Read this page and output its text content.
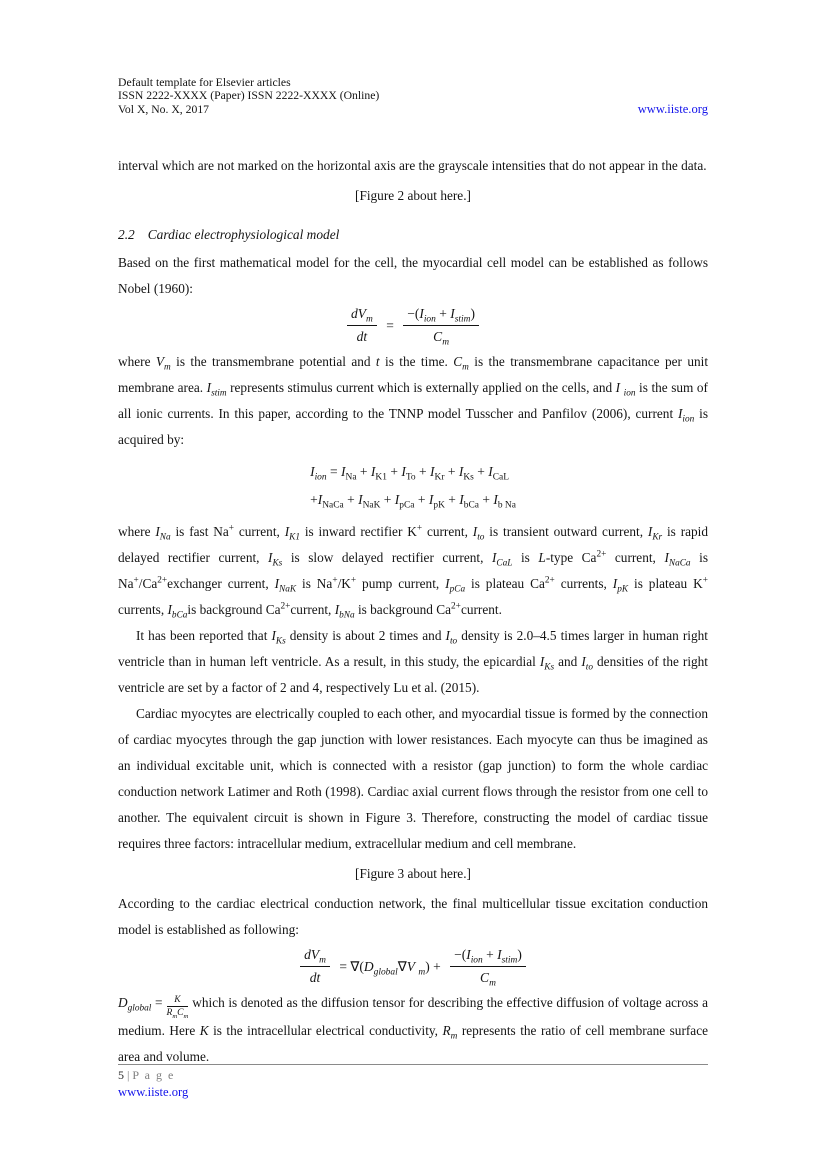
Default template for Elsevier articles
ISSN 2222-XXXX (Paper) ISSN 2222-XXXX (Online)
Vol X, No. X, 2017	www.iiste.org

interval which are not marked on the horizontal axis are the grayscale intensities that do not appear in the data.

[Figure 2 about here.]

2.2 Cardiac electrophysiological model

Based on the first mathematical model for the cell, the myocardial cell model can be established as follows Nobel (1960):

$\frac{dV_m}{dt} = \frac{-(I_{ion} + I_{stim})}{C_m}$

where $V_m$ is the transmembrane potential and t is the time. $C_m$ is the transmembrane capacitance per unit membrane area. $I_{stim}$ represents stimulus current which is externally applied on the cells, and I $_{ion}$ is the sum of all ionic currents. In this paper, according to the TNNP model Tusscher and Panfilov (2006), current $I_{ion}$ is acquired by:

$I_{ion} = I_{Na} + I_{K1} + I_{To} + I_{Kr} + I_{Ks} + I_{CaL}$
$+I_{NaCa} + I_{NaK} + I_{pCa} + I_{pK} + I_{bCa} + I_{b Na}$

where $I_{Na}$ is fast Na+ current, $I_{K1}$ is inward rectifier K+ current, $I_{to}$ is transient outward current, $I_{Kr}$ is rapid delayed rectifier current, $I_{Ks}$ is slow delayed rectifier current, $I_{CaL}$ is L-type $Ca^{2+}$ current, $I_{NaCa}$ is $Na^+/Ca^{2+}exchanger$ current, $I_{NaK}$ is Na+/K+ pump current, $I_{pCa}$ is plateau $Ca^{2+}$ currents, $I_{pK}$ is plateau K+ currents, $I_{bCa}is$ background $Ca^{2+}current$, $I_{bNa}$ is background $Ca^{2+}current$.

It has been reported that $I_{Ks}$ density is about 2 times and $I_{to}$ density is 2.0–4.5 times larger in human right ventricle than in human left ventricle. As a result, in this study, the epicardial $I_{Ks}$ and $I_{to}$ densities of the right ventricle are set by a factor of 2 and 4, respectively Lu et al. (2015).

Cardiac myocytes are electrically coupled to each other, and myocardial tissue is formed by the connection of cardiac myocytes through the gap junction with lower resistances. Each myocyte can thus be imagined as an individual excitable unit, which is connected with a resistor (gap junction) to form the whole cardiac conduction network Latimer and Roth (1998). Cardiac axial current flows through the resistor from one cell to another. The equivalent circuit is shown in Figure 3. Therefore, constructing the model of cardiac tissue requires three factors: intracellular medium, extracellular medium and cell membrane.

[Figure 3 about here.]

According to the cardiac electrical conduction network, the final multicellular tissue excitation conduction model is established as following:

$\frac{dV_m}{dt} = \nabla(D_{global}\nabla V$ $_m) + \frac{-(I_{ion} + I_{stim})}{C_m}$

$D_{global}$ =	K
$R_mC_m$
which is denoted as the diffusion tensor for describing the effective diffusion of voltage across a medium. Here K is the intracellular electrical conductivity, $R_m$ represents the ratio of cell membrane surface area and volume.

5 | P a g e
www.iiste.org
